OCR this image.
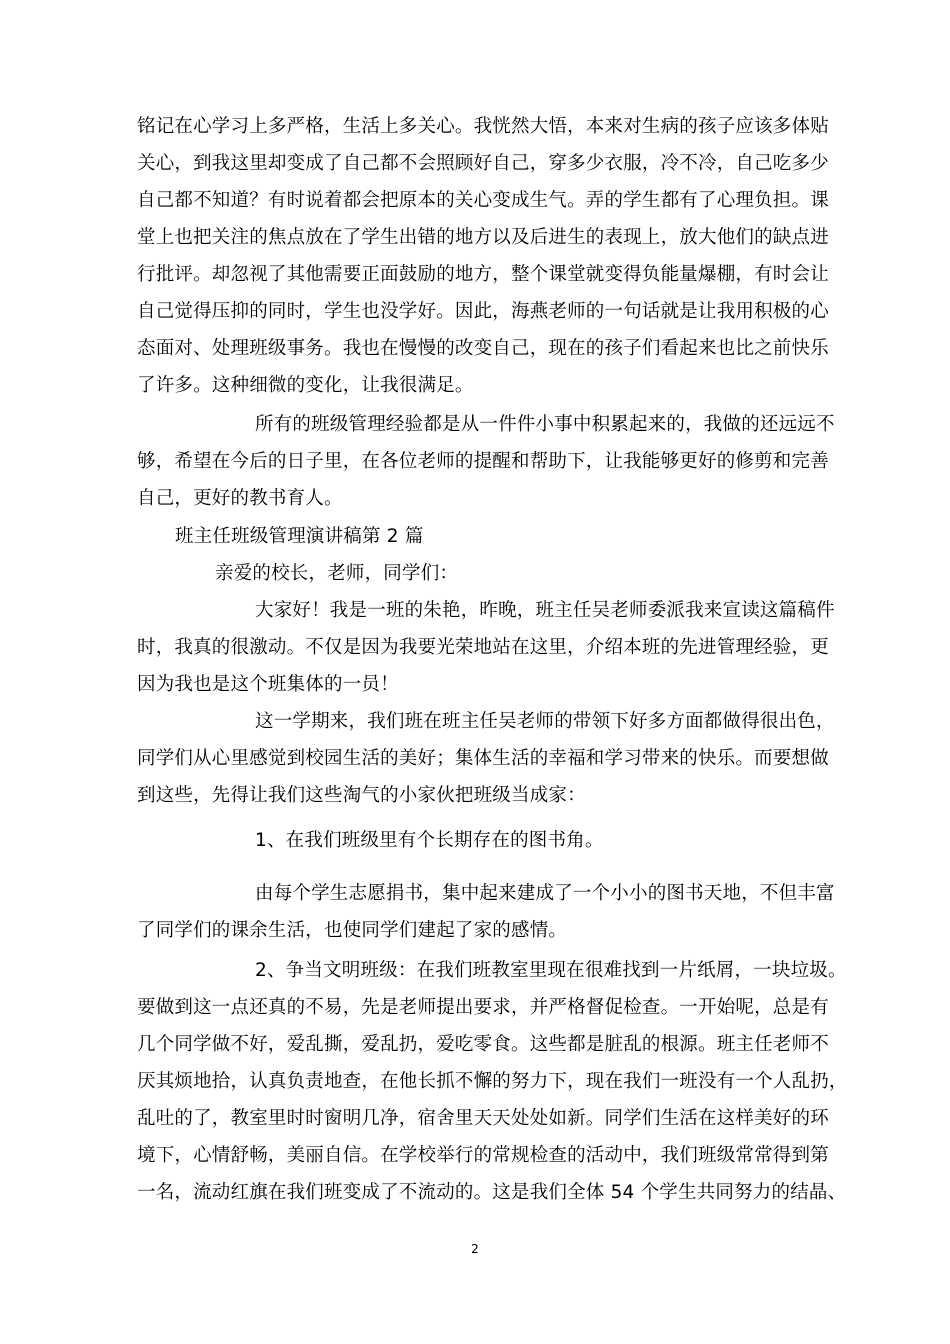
铭记在心学习上多严格，生活上多关心。我恍然大悟，本来对生病的孩子应该多体贴
关心，到我这里却变成了自己都不会照顾好自己，穿多少衣服，冷不冷，自己吃多少
自己都不知道？有时说着都会把原本的关心变成生气。弄的学生都有了心理负担。课
堂上也把关注的焦点放在了学生出错的地方以及后进生的表现上，放大他们的缺点进
行批评。却忽视了其他需要正面鼓励的地方，整个课堂就变得负能量爆棚，有时会让
自己觉得压抑的同时，学生也没学好。因此，海燕老师的一句话就是让我用积极的心
态面对、处理班级事务。我也在慢慢的改变自己，现在的孩子们看起来也比之前快乐
了许多。这种细微的变化，让我很满足。
所有的班级管理经验都是从一件件小事中积累起来的，我做的还远远不
够，希望在今后的日子里，在各位老师的提醒和帮助下，让我能够更好的修剪和完善
自己，更好的教书育人。
班主任班级管理演讲稿第 2 篇
亲爱的校长，老师，同学们：
大家好！我是一班的朱艳，昨晚，班主任吴老师委派我来宣读这篇稿件
时，我真的很激动。不仅是因为我要光荣地站在这里，介绍本班的先进管理经验，更
因为我也是这个班集体的一员！
这一学期来，我们班在班主任吴老师的带领下好多方面都做得很出色，
同学们从心里感觉到校园生活的美好；集体生活的幸福和学习带来的快乐。而要想做
到这些，先得让我们这些淘气的小家伙把班级当成家：
1、在我们班级里有个长期存在的图书角。
由每个学生志愿捐书，集中起来建成了一个小小的图书天地，不但丰富
了同学们的课余生活，也使同学们建起了家的感情。
2、争当文明班级：在我们班教室里现在很难找到一片纸屑，一块垃圾。
要做到这一点还真的不易，先是老师提出要求，并严格督促检查。一开始呢，总是有
几个同学做不好，爱乱撕，爱乱扔，爱吃零食。这些都是脏乱的根源。班主任老师不
厌其烦地拾，认真负责地查，在他长抓不懈的努力下，现在我们一班没有一个人乱扔，
乱吐的了，教室里时时窗明几净，宿舍里天天处处如新。同学们生活在这样美好的环
境下，心情舒畅，美丽自信。在学校举行的常规检查的活动中，我们班级常常得到第
一名，流动红旗在我们班变成了不流动的。这是我们全体 54 个学生共同努力的结晶、
2
